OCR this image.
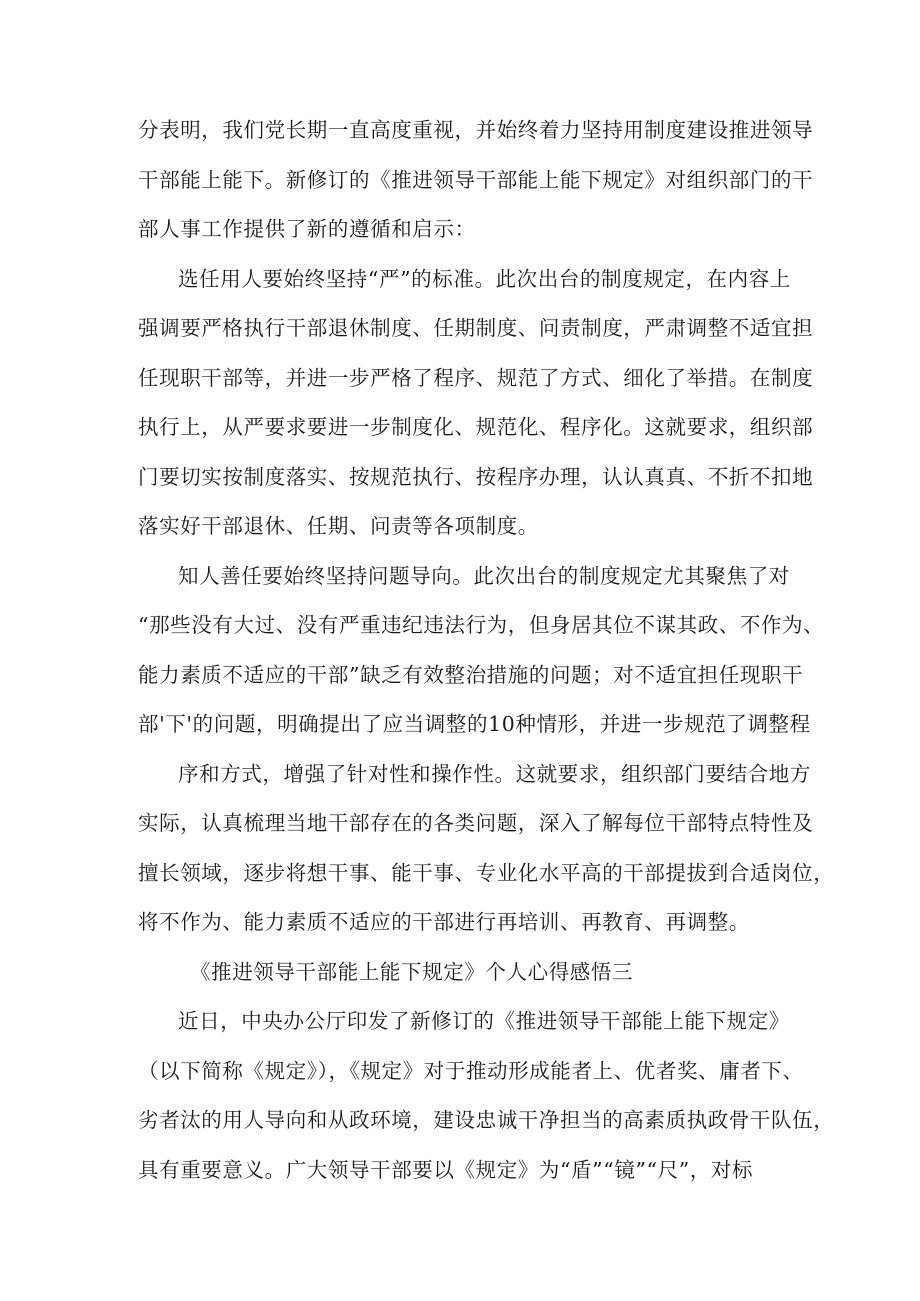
分表明，我们党长期一直高度重视，并始终着力坚持用制度建设推进领导
干部能上能下。新修订的《推进领导干部能上能下规定》对组织部门的干
部人事工作提供了新的遵循和启示：
选任用人要始终坚持“严”的标准。此次出台的制度规定，在内容上
强调要严格执行干部退休制度、任期制度、问责制度，严肃调整不适宜担
任现职干部等，并进一步严格了程序、规范了方式、细化了举措。在制度
执行上，从严要求要进一步制度化、规范化、程序化。这就要求，组织部
门要切实按制度落实、按规范执行、按程序办理，认认真真、不折不扣地
落实好干部退休、任期、问责等各项制度。
知人善任要始终坚持问题导向。此次出台的制度规定尤其聚焦了对
“那些没有大过、没有严重违纪违法行为，但身居其位不谋其政、不作为、
能力素质不适应的干部”缺乏有效整治措施的问题；对不适宜担任现职干
部'下'的问题，明确提出了应当调整的10种情形，并进一步规范了调整程
序和方式，增强了针对性和操作性。这就要求，组织部门要结合地方
实际，认真梳理当地干部存在的各类问题，深入了解每位干部特点特性及
擅长领域，逐步将想干事、能干事、专业化水平高的干部提拔到合适岗位，
将不作为、能力素质不适应的干部进行再培训、再教育、再调整。
《推进领导干部能上能下规定》个人心得感悟三
近日，中央办公厅印发了新修订的《推进领导干部能上能下规定》
（以下简称《规定》），《规定》对于推动形成能者上、优者奖、庸者下、
劣者汰的用人导向和从政环境，建设忠诚干净担当的高素质执政骨干队伍，
具有重要意义。广大领导干部要以《规定》为“盾”“镜”“尺”，对标
